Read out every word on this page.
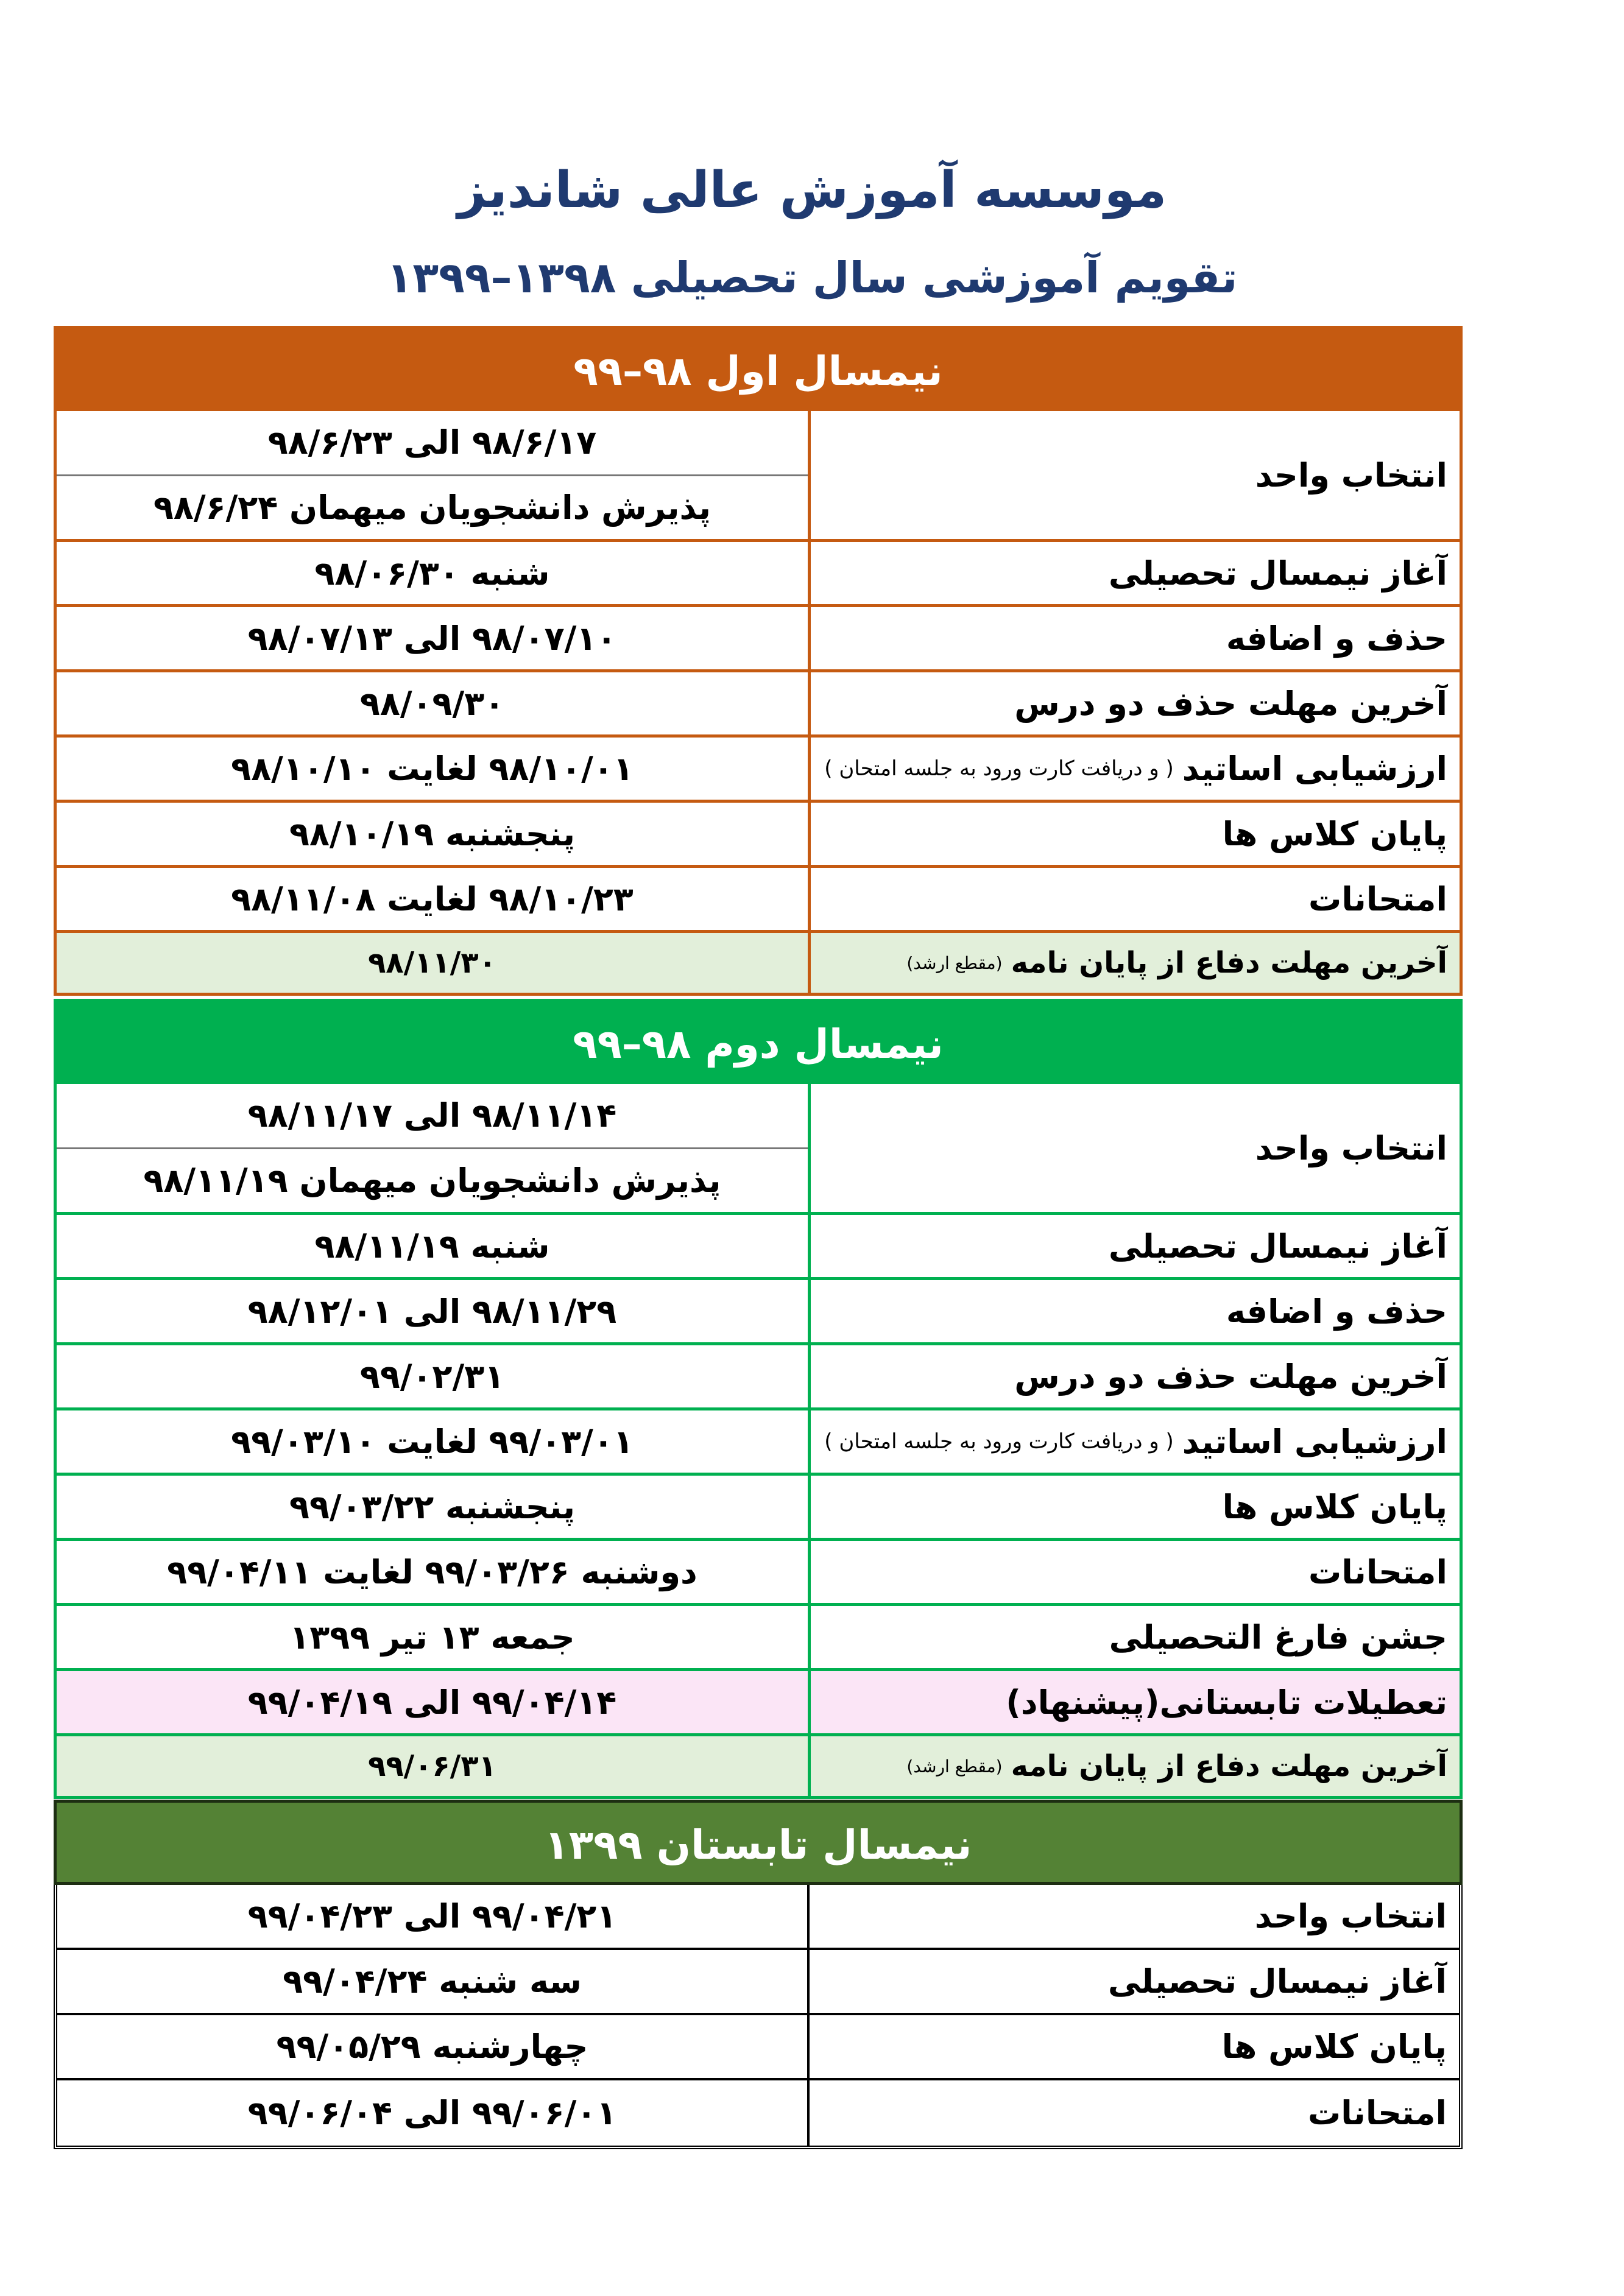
موسسه آموزش عالی شاندیز
تقویم آموزشی سال تحصیلی ۱۳۹۸–۱۳۹۹
نیمسال اول ۹۸–۹۹
انتخاب واحد
۹۸/۶/۱۷ الی ۹۸/۶/۲۳
پذیرش دانشجویان میهمان ۹۸/۶/۲۴
آغاز نیمسال تحصیلی
شنبه ۹۸/۰۶/۳۰
حذف و اضافه
۹۸/۰۷/۱۰ الی ۹۸/۰۷/۱۳
آخرین مهلت حذف دو درس
۹۸/۰۹/۳۰
ارزشیابی اساتید
( و دریافت کارت ورود به جلسه امتحان )
۹۸/۱۰/۰۱ لغایت ۹۸/۱۰/۱۰
پایان کلاس ها
پنجشنبه ۹۸/۱۰/۱۹
امتحانات
۹۸/۱۰/۲۳ لغایت ۹۸/۱۱/۰۸
آخرین مهلت دفاع از پایان نامه
(مقطع ارشد)
۹۸/۱۱/۳۰
نیمسال دوم ۹۸–۹۹
انتخاب واحد
۹۸/۱۱/۱۴ الی ۹۸/۱۱/۱۷
پذیرش دانشجویان میهمان ۹۸/۱۱/۱۹
آغاز نیمسال تحصیلی
شنبه ۹۸/۱۱/۱۹
حذف و اضافه
۹۸/۱۱/۲۹ الی ۹۸/۱۲/۰۱
آخرین مهلت حذف دو درس
۹۹/۰۲/۳۱
ارزشیابی اساتید
( و دریافت کارت ورود به جلسه امتحان )
۹۹/۰۳/۰۱ لغایت ۹۹/۰۳/۱۰
پایان کلاس ها
پنجشنبه ۹۹/۰۳/۲۲
امتحانات
دوشنبه ۹۹/۰۳/۲۶ لغایت ۹۹/۰۴/۱۱
جشن فارغ التحصیلی
جمعه ۱۳ تیر ۱۳۹۹
تعطیلات تابستانی(پیشنهاد)
۹۹/۰۴/۱۴ الی ۹۹/۰۴/۱۹
آخرین مهلت دفاع از پایان نامه
(مقطع ارشد)
۹۹/۰۶/۳۱
نیمسال تابستان ۱۳۹۹
انتخاب واحد
۹۹/۰۴/۲۱ الی ۹۹/۰۴/۲۳
آغاز نیمسال تحصیلی
سه شنبه ۹۹/۰۴/۲۴
پایان کلاس ها
چهارشنبه ۹۹/۰۵/۲۹
امتحانات
۹۹/۰۶/۰۱ الی ۹۹/۰۶/۰۴
